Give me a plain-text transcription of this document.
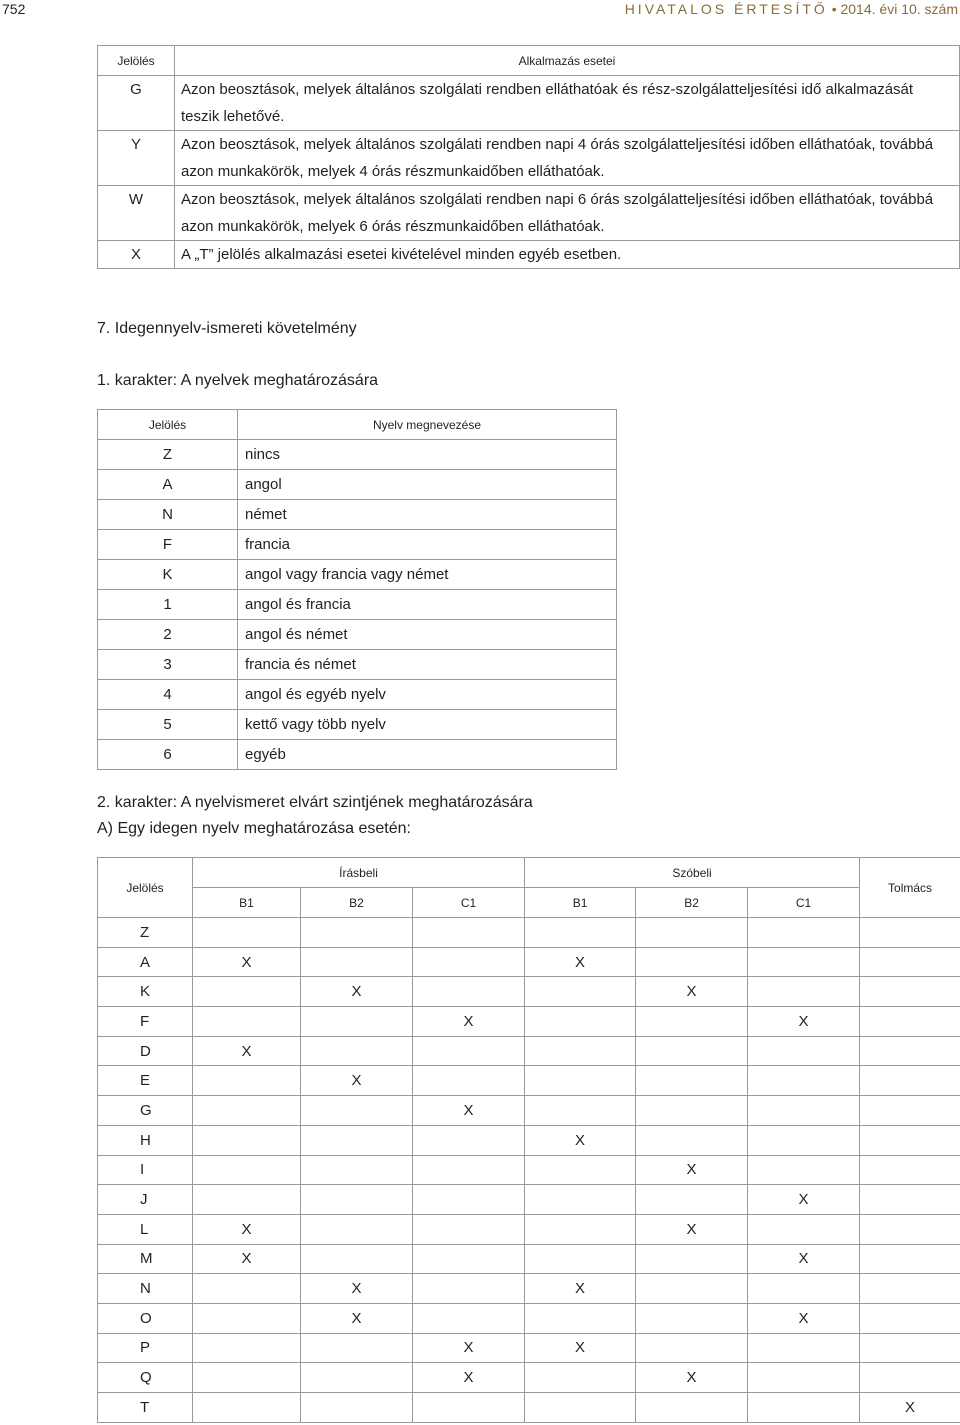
752	HIVATALOS ÉRTESÍTŐ • 2014. évi 10. szám
Jelölés	Alkalmazás esetei
G	Azon beosztások, melyek általános szolgálati rendben elláthatóak és rész-szolgálatteljesítési idő alkalmazását teszik lehetővé.
Y	Azon beosztások, melyek általános szolgálati rendben napi 4 órás szolgálatteljesítési időben elláthatóak, továbbá azon munkakörök, melyek 4 órás részmunkaidőben elláthatóak.
W	Azon beosztások, melyek általános szolgálati rendben napi 6 órás szolgálatteljesítési időben elláthatóak, továbbá azon munkakörök, melyek 6 órás részmunkaidőben elláthatóak.
X	A „T” jelölés alkalmazási esetei kivételével minden egyéb esetben.
7. Idegennyelv-ismereti követelmény
1. karakter: A nyelvek meghatározására
Jelölés	Nyelv megnevezése
Z	nincs
A	angol
N	német
F	francia
K	angol vagy francia vagy német
1	angol és francia
2	angol és német
3	francia és német
4	angol és egyéb nyelv
5	kettő vagy több nyelv
6	egyéb
2. karakter: A nyelvismeret elvárt szintjének meghatározására
A) Egy idegen nyelv meghatározása esetén:
Jelölés	Írásbeli			Szóbeli			Tolmács
	B1	B2	C1	B1	B2	C1	
Z							
A	X			X			
K		X			X		
F			X			X	
D	X						
E		X					
G			X				
H				X			
I					X		
J						X	
L	X				X		
M	X					X	
N		X		X			
O		X				X	
P			X	X			
Q			X		X		
T							X
